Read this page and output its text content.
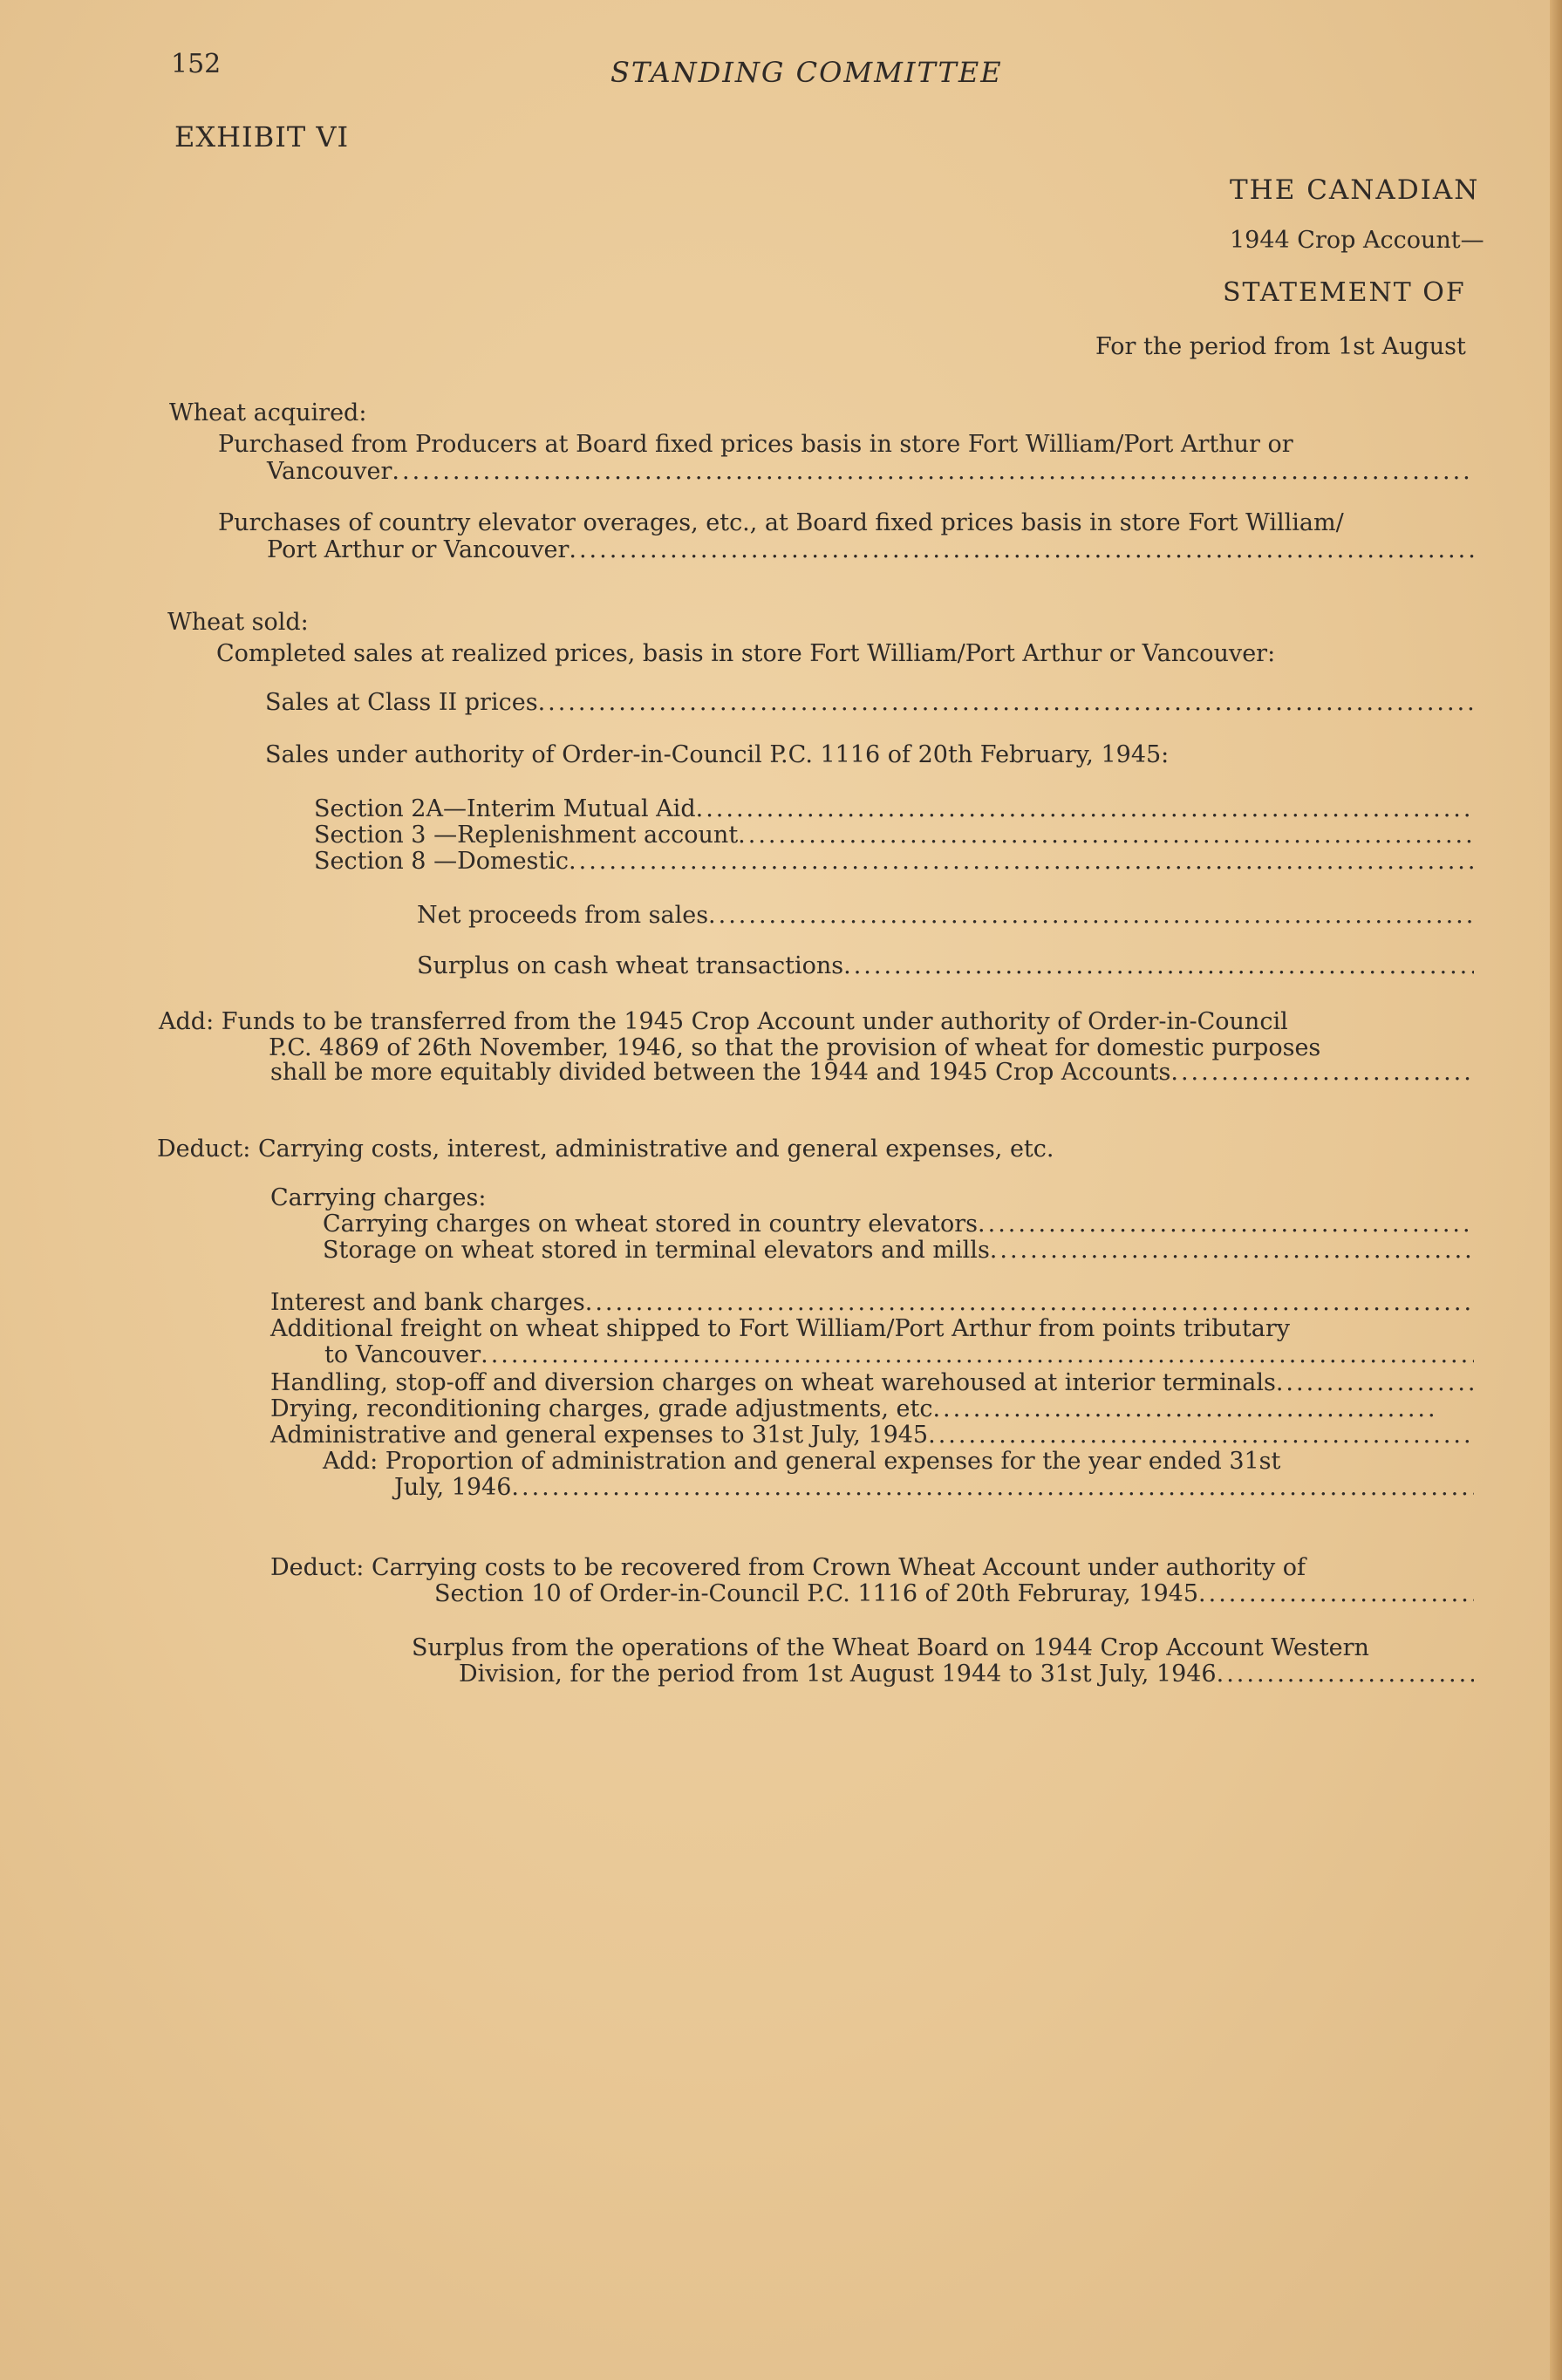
152	STANDING COMMITTEE
EXHIBIT VI
THE CANADIAN
1944 Crop Account—
STATEMENT OF
For the period from 1st August
Wheat acquired:
Purchased from Producers at Board fixed prices basis in store Fort William/Port Arthur or
Vancouver
.....
Purchases of country elevator overages, etc., at Board fixed prices basis in store Fort William/
Port Arthur or Vancouver
.....
Wheat sold:
Completed sales at realized prices, basis in store Fort William/Port Arthur or Vancouver:
Sales at Class II prices
.....
Sales under authority of Order-in-Council P.C. 1116 of 20th February, 1945:
Section 2A—Interim Mutual Aid
.....
Section 3 —Replenishment account
.....
Section 8 —Domestic
.....
Net proceeds from sales
.....
Surplus on cash wheat transactions
.....
Add: Funds to be transferred from the 1945 Crop Account under authority of Order-in-Council
P.C. 4869 of 26th November, 1946, so that the provision of wheat for domestic purposes
shall be more equitably divided between the 1944 and 1945 Crop Accounts
.....
Deduct: Carrying costs, interest, administrative and general expenses, etc.
Carrying charges:
Carrying charges on wheat stored in country elevators
.....
Storage on wheat stored in terminal elevators and mills
.....
Interest and bank charges
.....
Additional freight on wheat shipped to Fort William/Port Arthur from points tributary
to Vancouver
.....
Handling, stop-off and diversion charges on wheat warehoused at interior terminals
.....
Drying, reconditioning charges, grade adjustments, etc
.....
Administrative and general expenses to 31st July, 1945
.....
Add: Proportion of administration and general expenses for the year ended 31st
July, 1946
.....
Deduct: Carrying costs to be recovered from Crown Wheat Account under authority of
Section 10 of Order-in-Council P.C. 1116 of 20th Februray, 1945
.....
Surplus from the operations of the Wheat Board on 1944 Crop Account Western
Division, for the period from 1st August 1944 to 31st July, 1946
.....
